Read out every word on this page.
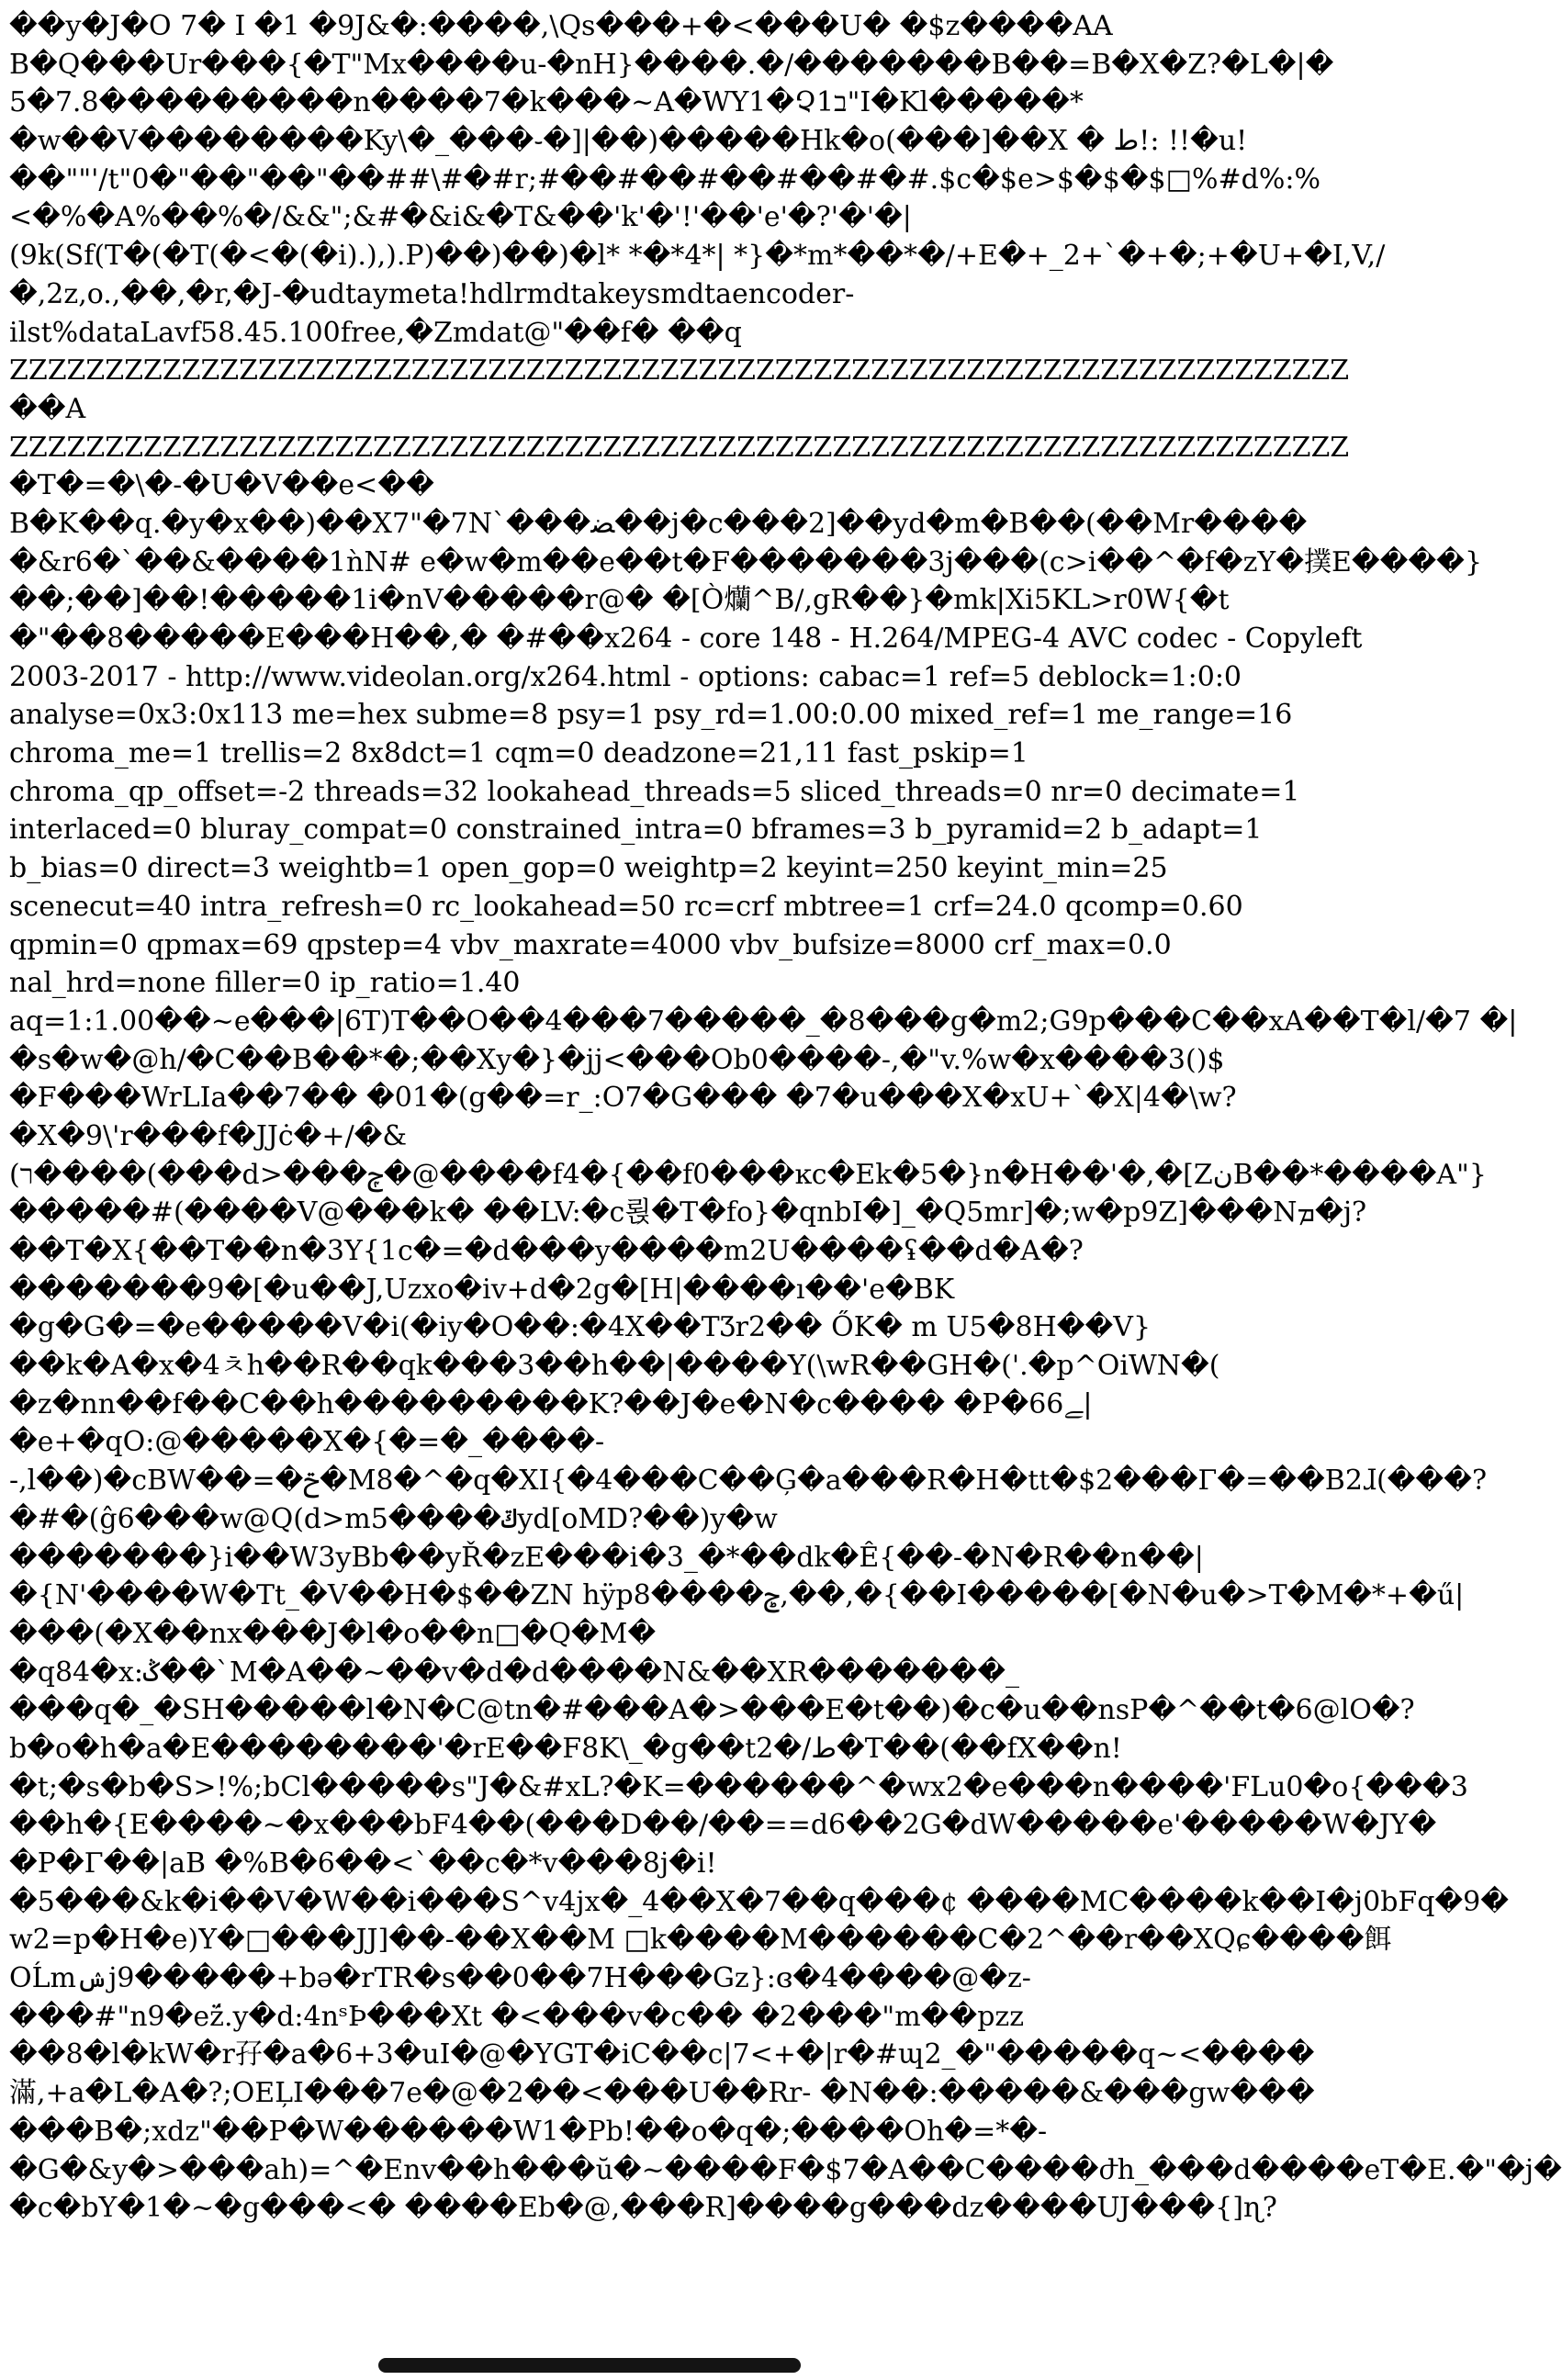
��y�J�O 7� I �1 �9J&�:����,\Qs���+�<���U� �$z����AA
B�Q���Ur���{�T"Mx����u-�nH}����.�/�������B��=B�X�Z?�L�|�
5�7.8���������n����7�k���~A�WY1�Չ1ב"I�Kl�����*
�w��V��������Ky\�_���֊�]|��)�����Hk�o(���]��X � ﻁ!: !!�u!
��""'/t"0�"��"��"��##\#�#r;#��#��#��#��#�#.$c�$e>$�$�$□%#d%:%
<�%�A%��%�/&&";&#�&i&�T&��'k'�'!'��'e'�?'�'�|
(9k(Sf(T�(�T(�<�(�i).),).P)��)��)�l* *�*4*| *}�*m*��*�/+E�+_2+`�+�;+�U+�I,V,/
�,2z,o.,��,�r,�J-�udtaymeta!hdlrmdtakeysmdtaencoder-
ilst%dataLavf58.45.100free,�Zmdat@"��f� ��q
ZZZZZZZZZZZZZZZZZZZZZZZZZZZZZZZZZZZZZZZZZZZZZZZZZZZZZZZZZZZZZZZZZZZZZZ
��A
ZZZZZZZZZZZZZZZZZZZZZZZZZZZZZZZZZZZZZZZZZZZZZZZZZZZZZZZZZZZZZZZZZZZZZZ
�T�=�\�-�U�V��e<��
B�K��q.�y�x��)��X7"�7N`���ﻀ��j�c���2]��yd�m�B��(��Mr����
�&r6�`��&����1ǹN# e�w�m��e��t�F�������3j���(c>i��^�f�zY�撲E����}
��;��]��!�����1i�nV�����r@� �[Ò爤^B/,gR��}�mk|Xi5KL>r0W{�t
�"��8�����E���H��,� �#��x264 - core 148 - H.264/MPEG-4 AVC codec - Copyleft
2003-2017 - http://www.videolan.org/x264.html - options: cabac=1 ref=5 deblock=1:0:0
analyse=0x3:0x113 me=hex subme=8 psy=1 psy_rd=1.00:0.00 mixed_ref=1 me_range=16
chroma_me=1 trellis=2 8x8dct=1 cqm=0 deadzone=21,11 fast_pskip=1
chroma_qp_offset=-2 threads=32 lookahead_threads=5 sliced_threads=0 nr=0 decimate=1
interlaced=0 bluray_compat=0 constrained_intra=0 bframes=3 b_pyramid=2 b_adapt=1
b_bias=0 direct=3 weightb=1 open_gop=0 weightp=2 keyint=250 keyint_min=25
scenecut=40 intra_refresh=0 rc_lookahead=50 rc=crf mbtree=1 crf=24.0 qcomp=0.60
qpmin=0 qpmax=69 qpstep=4 vbv_maxrate=4000 vbv_bufsize=8000 crf_max=0.0
nal_hrd=none filler=0 ip_ratio=1.40
aq=1:1.00��~e���|6T)T��O��4���7�����_�8���g�m2;G9p���C��xA��T�l/�7 �|
�s�w�@h/�C��B��*�;��Xy�}�jj<���Ob0����-,�"v.%w�x����3()$
�F���WrLIa��7�� �01�(g��=r_:O7�G��� �7�u���X�xU+`�X|4�\w?
�X�9\'r���f�JJċ�+/�&
(ר����(���d>���ݼ�@����f4�{��f0���ĸc�Ek�5�}n�H��'�,�[ZنB��*����A"}
�����#(����V@���k� ��LV:�c뢵�T�fo}�qnbI�]_�Q5mr]�;w�p9Z]���Nܡ�j?
��T�X{��T��n�3Y{1c�=�d���y����m2U����ʢ��d�A�?
�������9�[�u��J,Uzxo�iv+d�2g�[H|����ı��'e�BK
�g�G�=�e�����V�i(�iy�O��:�4X��TӠr2�� ŐK� m U5�8H��V}
��k�A�x�4ㅊh��R��qk���3��h��|����Y(\wR��GH�('.�p^OiWN�(
�z�nn��f��C��h���������K?��J�e�N�c���� �P�66ﮯ|
�e+�qO:@�����X�{�=�_����-
-,l��)�cBW��=�ݗ�M8�^�q�XI{�4���C��Ģ�a���R�H�tt�$2���Γ�=��B2ɺ(���?
�#�(ĝ6���w@Q(d>m5����ݿyd[oMD?��)y�w
�������}i��W3yBb��yŘ�zE���i�3_�*��dk�Ê{��-�N�R��n��|
�{N'����W�Tt_�V��H�$��ZN hÿp8����ݮ,��,�{��I�����[�N�u�>T�M�*+�ű|
���(�X��nx���J�l�o��n□�Q�M�
�q84�x:ݣ��`M�A��~��v�d�d����N&��XR�������_
���q�_�SH�����l�N�C@tn�#���A�>���E�t��)�c�u��nsP�^��t�6@lO�?
b�o�h�a�E��������'�rE��F8K\_�g��t2�/ﻁ�T��(��fX��n!
�t;�s�b�S>!%;bCl�����s"J�&#xL?�K=������^�wx2�e���n����'FLu0�o{���3
��h�{E����~�x���bF4��(���D��/��==d6��2G�dW�����e'�����W�JY�
�P�Γ��|aB �%B�6��<`��c�*v���8j�i!
�5���&k�i��V�W��i���S^v4jx�_4��X�7��q���¢ ����MC����k��I�j0bFq�9�
w2=p�H�e)Y�□���JJ]��-��X��M □k����M������C�2^��r��XQɕ����餌
OĹmݾj9�����+bə�rTR�s��0��7H���Gz}:ɞ�4����@�z-
���#"n9�ez̈́.y�d:4nˢÞ���Xt �<���v�c�� �2���"m��pzz
��8�l�kW�r孖�a�6+3�uI�@�YGT�iC��c|7<+�|r�#ɰ2_�"�����q~<����
滿,+a�L�A�?;OEĻI���7e�@�2��<���U��Rr- �N��:�����&���gw���
���B�;xdz"��P�W������W1�Pb!��o�q�;����Oh�=*�-
�G�&y�>���ah)=^�Env��h���ŭ�~����F�$7�A��C����ժh_���d����eT�E.�"�j�
�c�bY�1�~�g���<� ����Eb�@,���R]����g���dz����UJ���{]ɳ?
